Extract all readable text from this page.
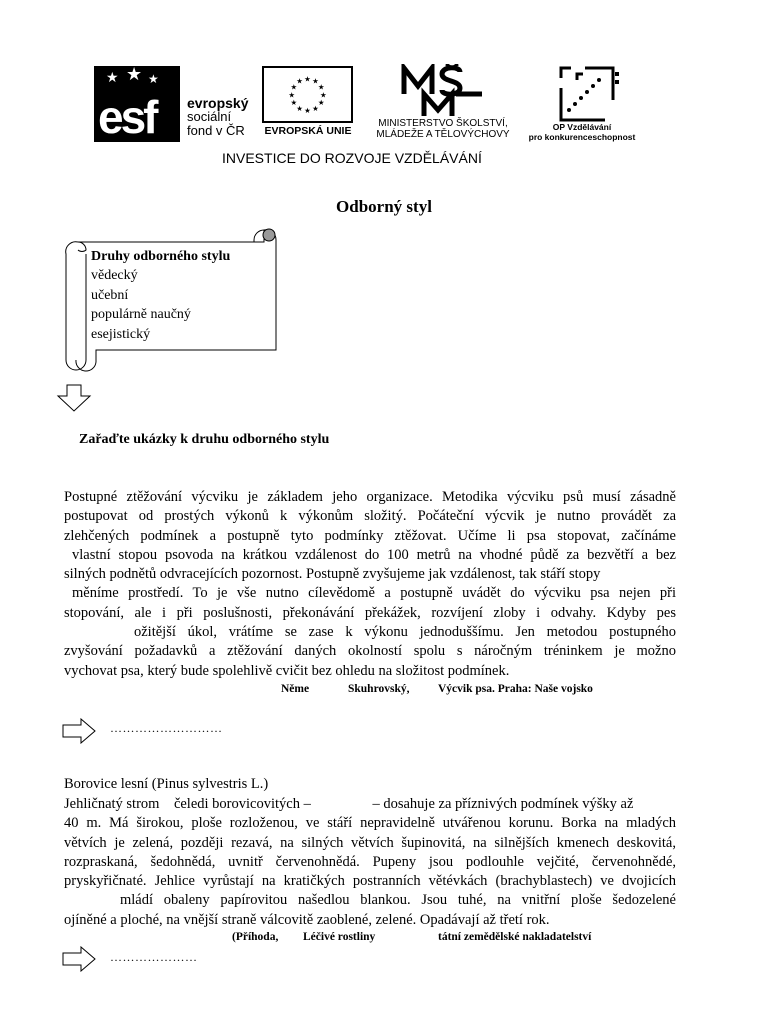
★ ★ ★
esf evropský
sociální
fond v ČR
★
★
★
★
★
★
★
★
★ ★ ★
★
EVROPSKÁ UNIE
MINISTERSTVO ŠKOLSTVÍ,
MLÁDEŽE A TĚLOVÝCHOVY
OP Vzdělávání
pro konkurenceschopnost
INVESTICE DO ROZVOJE VZDĚLÁVÁNÍ
Odborný styl
Druhy odborného stylu
vědecký
učební
populárně naučný
esejistický
Zařaďte ukázky k druhu odborného stylu
Postupné ztěžování výcviku je základem jeho organizace. Metodika výcviku psů musí zásadně
postupovat od prostých výkonů k výkonům složitý. Počáteční výcvik je nutno provádět za
zlehčených podmínek a postupně tyto podmínky ztěžovat. Učíme li psa stopovat, začínáme
vlastní stopou psovoda na krátkou vzdálenost do 100 metrů na vhodné půdě za bezvětří a bez
silných podnětů odvracejících pozornost. Postupně zvyšujeme jak vzdálenost, tak stáří stopy
měníme prostředí. To je vše nutno cílevědomě a postupně uvádět do výcviku psa nejen při
stopování, ale i při poslušnosti, překonávání překážek, rozvíjení zloby i odvahy. Kdyby pes
ožitější úkol, vrátíme se zase k výkonu jednoduššímu. Jen metodou postupného
zvyšování požadavků a ztěžování daných okolností spolu s náročným tréninkem je možno
vychovat psa, který bude spolehlivě cvičit bez ohledu na složitost podmínek.
Něme	Skuhrovský, Výcvik psa. Praha: Naše vojsko
………………………
Borovice lesní (Pinus sylvestris L.)
Jehličnatý strom    čeledi borovicovitých –                 – dosahuje za příznivých podmínek výšky až
40 m. Má širokou, ploše rozloženou, ve stáří nepravidelně utvářenou korunu. Borka na mladých
větvích je zelená, později rezavá, na silných větvích šupinovitá, na silnějších kmenech deskovitá,
rozpraskaná, šedohnědá, uvnitř červenohnědá. Pupeny jsou podlouhle vejčité, červenohnědé,
pryskyřičnaté. Jehlice vyrůstají na kratičkých postranních větévkách (brachyblastech) ve dvojicích
mládí obaleny papírovitou našedlou blankou. Jsou tuhé, na vnitřní ploše šedozelené
ojíněné a ploché, na vnější straně válcovitě zaoblené, zelené. Opadávají až třetí rok.
(Příhoda, Léčivé rostliny	tátní zemědělské nakladatelství
…………………
